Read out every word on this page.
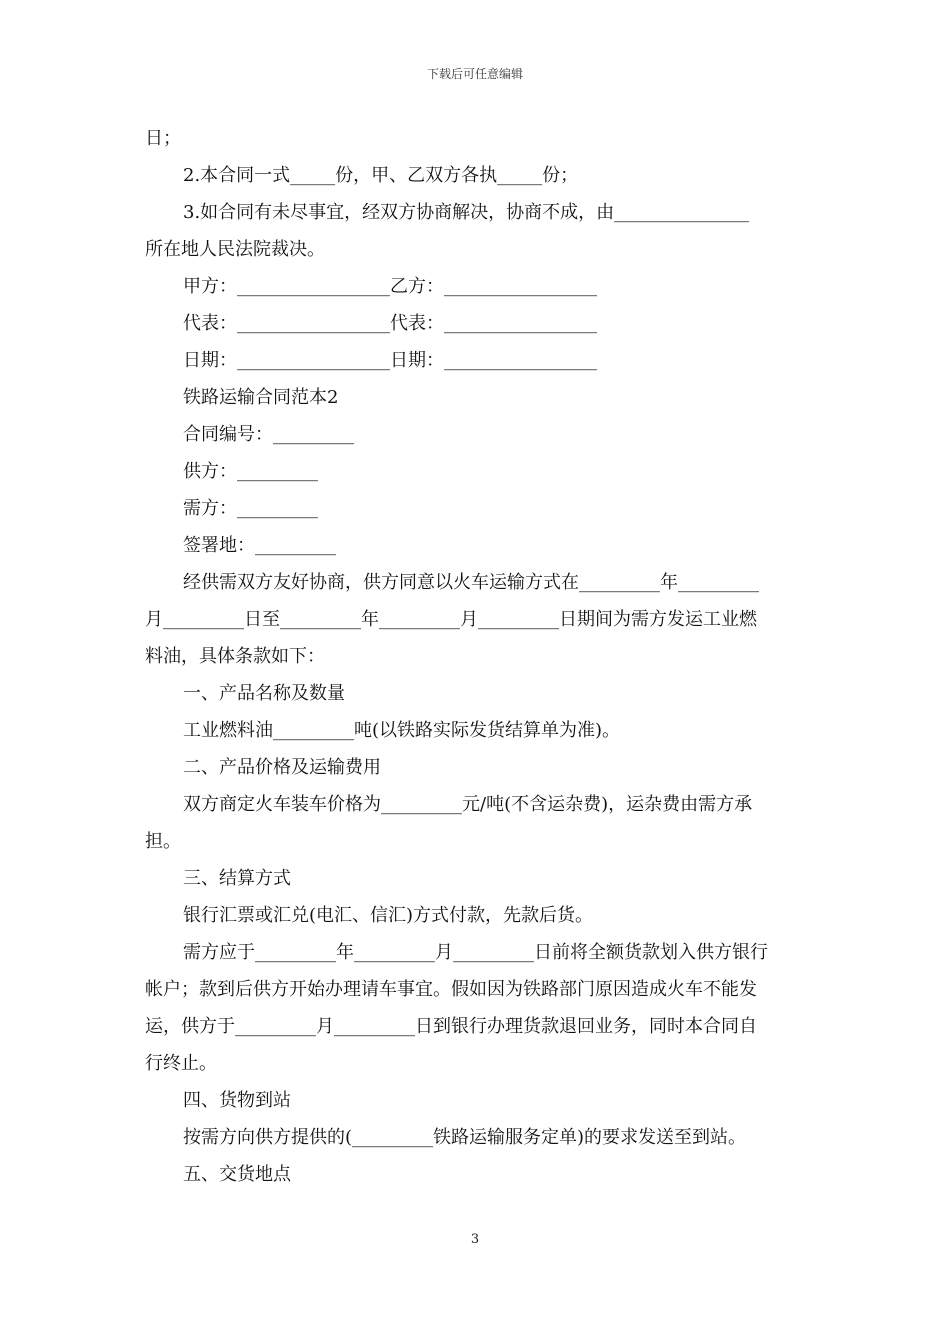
下载后可任意编辑
日；
2.本合同一式_____份，甲、乙双方各执_____份；
3.如合同有未尽事宜，经双方协商解决，协商不成，由_______________
所在地人民法院裁决。
甲方：_________________乙方：_________________
代表：_________________代表：_________________
日期：_________________日期：_________________
铁路运输合同范本2
合同编号：_________
供方：_________
需方：_________
签署地：_________
经供需双方友好协商，供方同意以火车运输方式在_________年_________
月_________日至_________年_________月_________日期间为需方发运工业燃
料油，具体条款如下：
一、产品名称及数量
工业燃料油_________吨(以铁路实际发货结算单为准)。
二、产品价格及运输费用
双方商定火车装车价格为_________元/吨(不含运杂费)，运杂费由需方承
担。
三、结算方式
银行汇票或汇兑(电汇、信汇)方式付款，先款后货。
需方应于_________年_________月_________日前将全额货款划入供方银行
帐户；款到后供方开始办理请车事宜。假如因为铁路部门原因造成火车不能发
运，供方于_________月_________日到银行办理货款退回业务，同时本合同自
行终止。
四、货物到站
按需方向供方提供的(_________铁路运输服务定单)的要求发送至到站。
五、交货地点
3
